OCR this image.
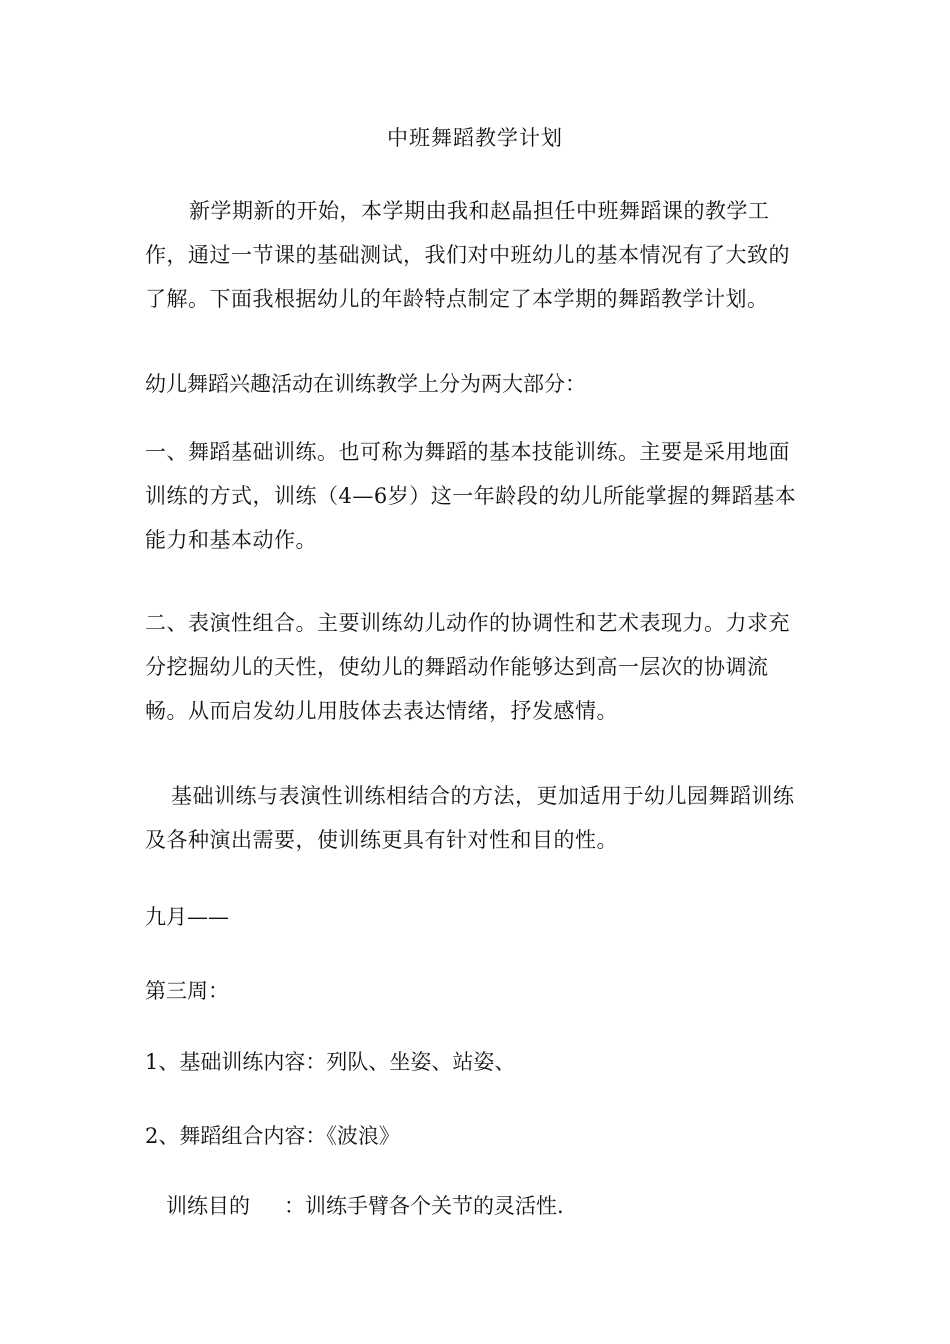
中班舞蹈教学计划

新学期新的开始，本学期由我和赵晶担任中班舞蹈课的教学工作，通过一节课的基础测试，我们对中班幼儿的基本情况有了大致的了解。下面我根据幼儿的年龄特点制定了本学期的舞蹈教学计划。

幼儿舞蹈兴趣活动在训练教学上分为两大部分：

一、舞蹈基础训练。也可称为舞蹈的基本技能训练。主要是采用地面训练的方式，训练（4—6岁）这一年龄段的幼儿所能掌握的舞蹈基本能力和基本动作。

二、表演性组合。主要训练幼儿动作的协调性和艺术表现力。力求充分挖掘幼儿的天性，使幼儿的舞蹈动作能够达到高一层次的协调流畅。从而启发幼儿用肢体去表达情绪，抒发感情。

基础训练与表演性训练相结合的方法，更加适用于幼儿园舞蹈训练及各种演出需要，使训练更具有针对性和目的性。

九月——
第三周：
1、基础训练内容：列队、坐姿、站姿、
2、舞蹈组合内容：《波浪》
训练目的 ：训练手臂各个关节的灵活性.
